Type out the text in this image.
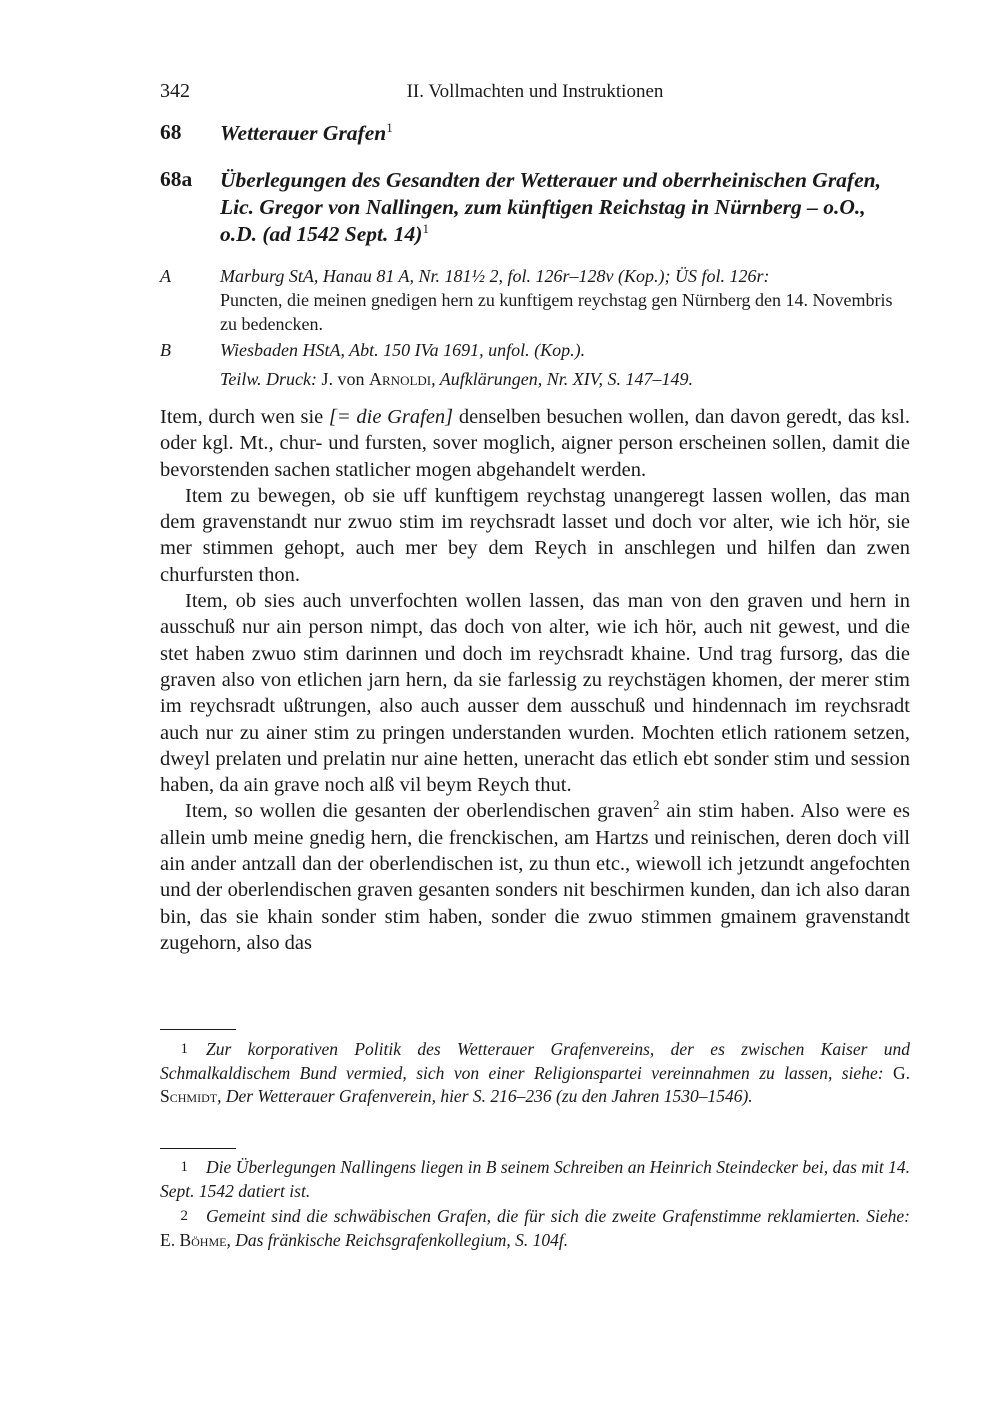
342	II. Vollmachten und Instruktionen
68 Wetterauer Grafen$^1$
68a Überlegungen des Gesandten der Wetterauer und oberrheinischen Grafen,
Lic. Gregor von Nallingen, zum künftigen Reichstag in Nürnberg – o.O.,
o.D. (ad 1542 Sept. 14)$^1$
A	Marburg StA, Hanau 81 A, Nr. 181½ 2, fol. 126r–128v (Kop.); ÜS fol. 126r:
Puncten, die meinen gnedigen hern zu kunftigem reychstag gen Nürnberg den 14. Novembris zu bedencken.
B	Wiesbaden HStA, Abt. 150 IVa 1691, unfol. (Kop.).
Teilw. Druck: J. von Arnoldi, Aufklärungen, Nr. XIV, S. 147–149.

Item, durch wen sie [= die Grafen] denselben besuchen wollen, dan davon geredt, das ksl. oder kgl. Mt., chur- und fursten, sover moglich, aigner person erscheinen sollen, damit die bevorstenden sachen statlicher mogen abgehandelt werden.

Item zu bewegen, ob sie uff kunftigem reychstag unangeregt lassen wollen, das man dem gravenstandt nur zwuo stim im reychsradt lasset und doch vor alter, wie ich hör, sie mer stimmen gehopt, auch mer bey dem Reych in anschlegen und hilfen dan zwen churfursten thon.

Item, ob sies auch unverfochten wollen lassen, das man von den graven und hern in ausschuß nur ain person nimpt, das doch von alter, wie ich hör, auch nit gewest, und die stet haben zwuo stim darinnen und doch im reychsradt khaine. Und trag fursorg, das die graven also von etlichen jarn hern, da sie farlessig zu reychstägen khomen, der merer stim im reychsradt ußtrungen, also auch ausser dem ausschuß und hindennach im reychsradt auch nur zu ainer stim zu pringen understanden wurden. Mochten etlich rationem setzen, dweyl prelaten und prelatin nur aine hetten, uneracht das etlich ebt sonder stim und session haben, da ain grave noch alß vil beym Reych thut.

Item, so wollen die gesanten der oberlendischen graven$^2$ ain stim haben. Also were es allein umb meine gnedig hern, die frenckischen, am Hartzs und reinischen, deren doch vill ain ander antzall dan der oberlendischen ist, zu thun etc., wiewoll ich jetzundt angefochten und der oberlendischen graven gesanten sonders nit beschirmen kunden, dan ich also daran bin, das sie khain sonder stim haben, sonder die zwuo stimmen gmainem gravenstandt zugehorn, also das

1 Zur korporativen Politik des Wetterauer Grafenvereins, der es zwischen Kaiser und Schmalkaldischem Bund vermied, sich von einer Religionspartei vereinnahmen zu lassen, siehe: G. Schmidt, Der Wetterauer Grafenverein, hier S. 216–236 (zu den Jahren 1530–1546).
1 Die Überlegungen Nallingens liegen in B seinem Schreiben an Heinrich Steindecker bei, das mit 14. Sept. 1542 datiert ist.
2 Gemeint sind die schwäbischen Grafen, die für sich die zweite Grafenstimme reklamierten. Siehe: E. Böhme, Das fränkische Reichsgrafenkollegium, S. 104f.
